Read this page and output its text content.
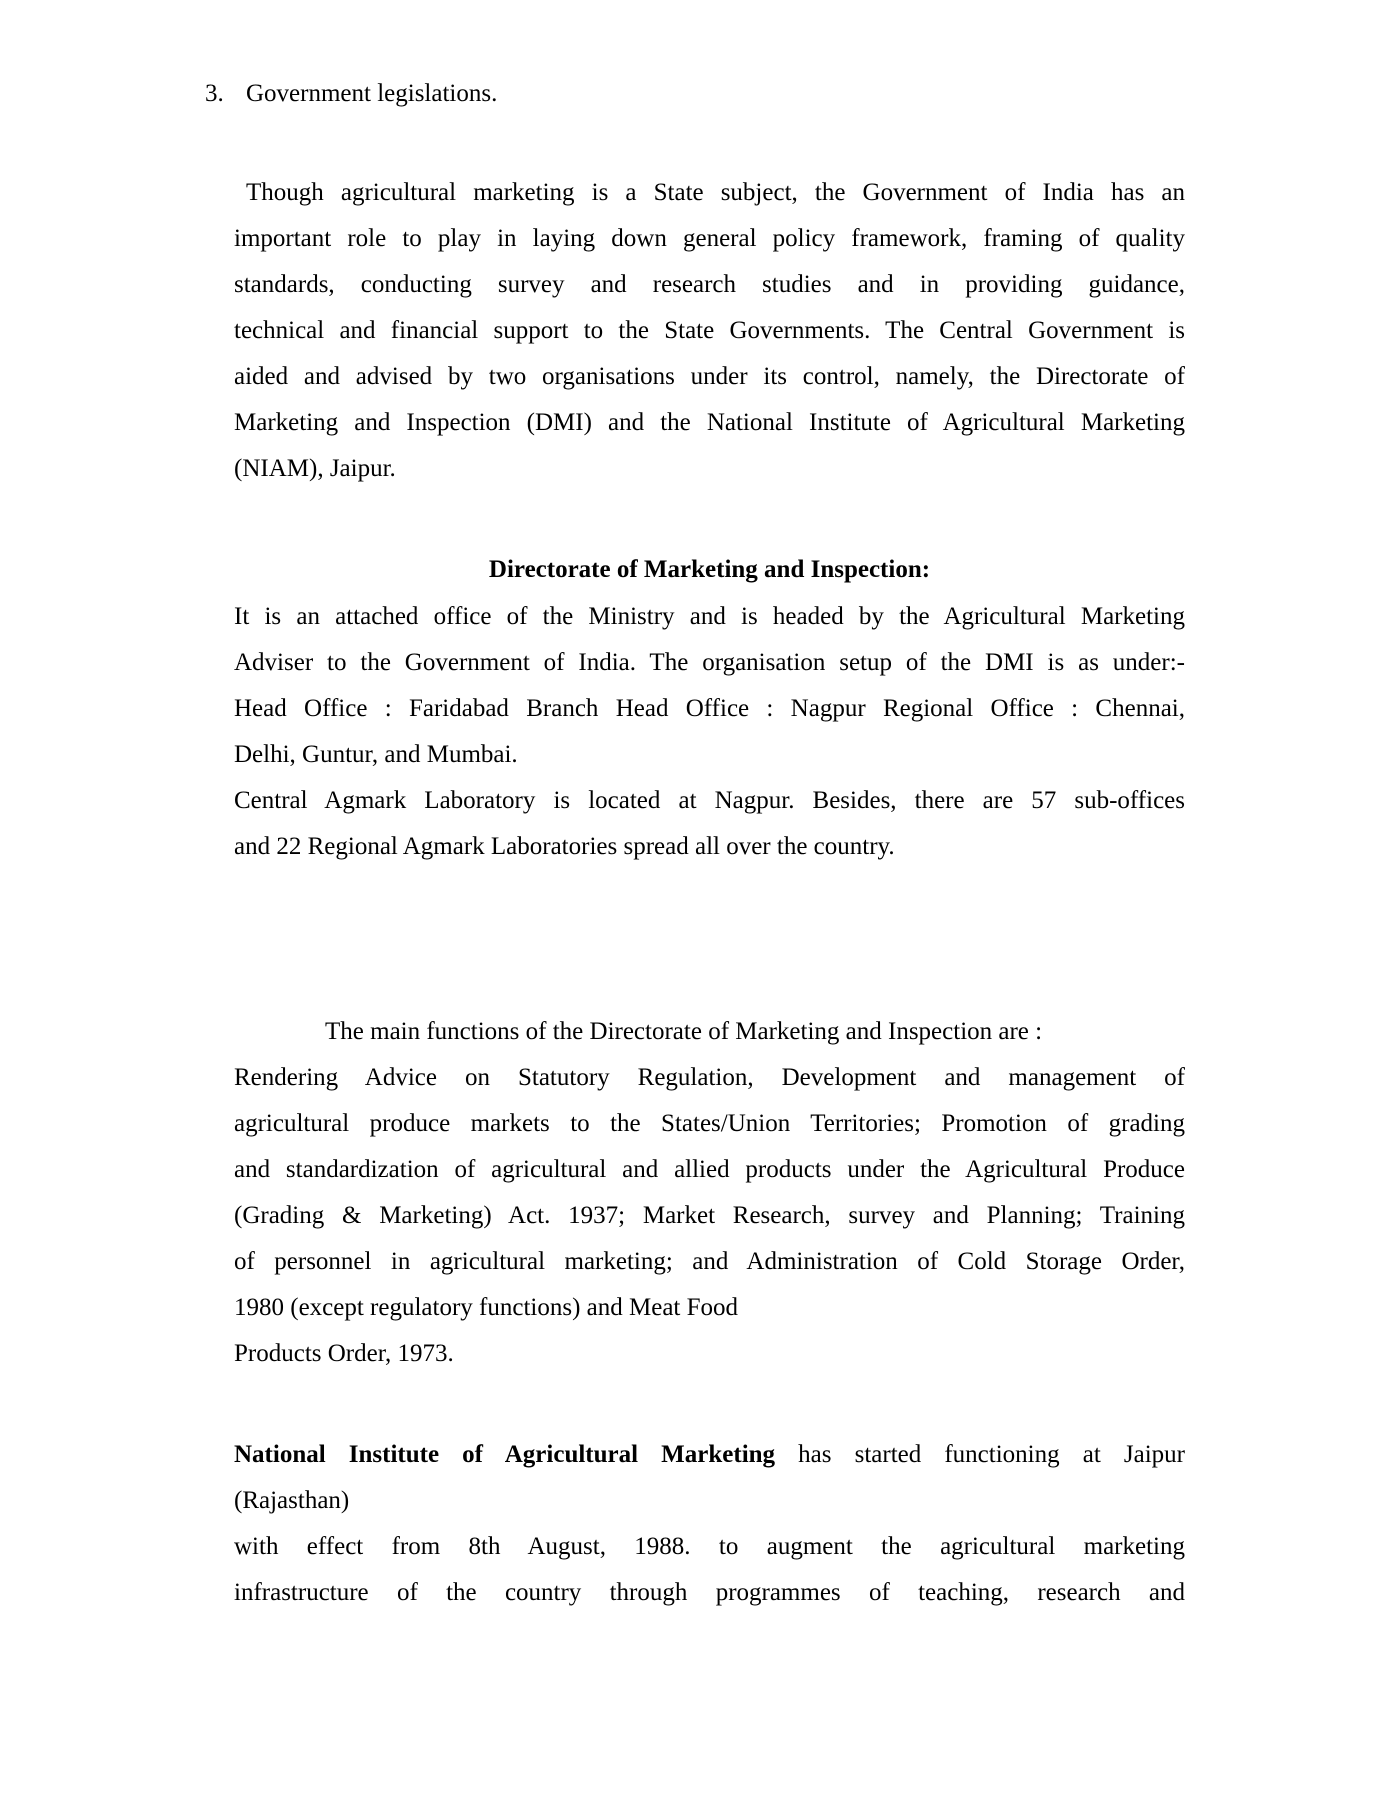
3. Government legislations.
Though agricultural marketing is a State subject, the Government of India has an
important role to play in laying down general policy framework, framing of quality
standards, conducting survey and research studies and in providing guidance,
technical and financial support to the State Governments. The Central Government is
aided and advised by two organisations under its control, namely, the Directorate of
Marketing and Inspection (DMI) and the National Institute of Agricultural Marketing
(NIAM), Jaipur.
Directorate of Marketing and Inspection:
It is an attached office of the Ministry and is headed by the Agricultural Marketing
Adviser to the Government of India. The organisation setup of the DMI is as under:-
Head Office : Faridabad Branch Head Office : Nagpur Regional Office : Chennai,
Delhi, Guntur, and Mumbai.
Central Agmark Laboratory is located at Nagpur. Besides, there are 57 sub-offices
and 22 Regional Agmark Laboratories spread all over the country.
The main functions of the Directorate of Marketing and Inspection are :
Rendering Advice on Statutory Regulation, Development and management of
agricultural produce markets to the States/Union Territories; Promotion of grading
and standardization of agricultural and allied products under the Agricultural Produce
(Grading & Marketing) Act. 1937; Market Research, survey and Planning; Training
of personnel in agricultural marketing; and Administration of Cold Storage Order,
1980 (except regulatory functions) and Meat Food
Products Order, 1973.
National Institute of Agricultural Marketing has started functioning at Jaipur
(Rajasthan)
with effect from 8th August, 1988. to augment the agricultural marketing
infrastructure of the country through programmes of teaching, research and
